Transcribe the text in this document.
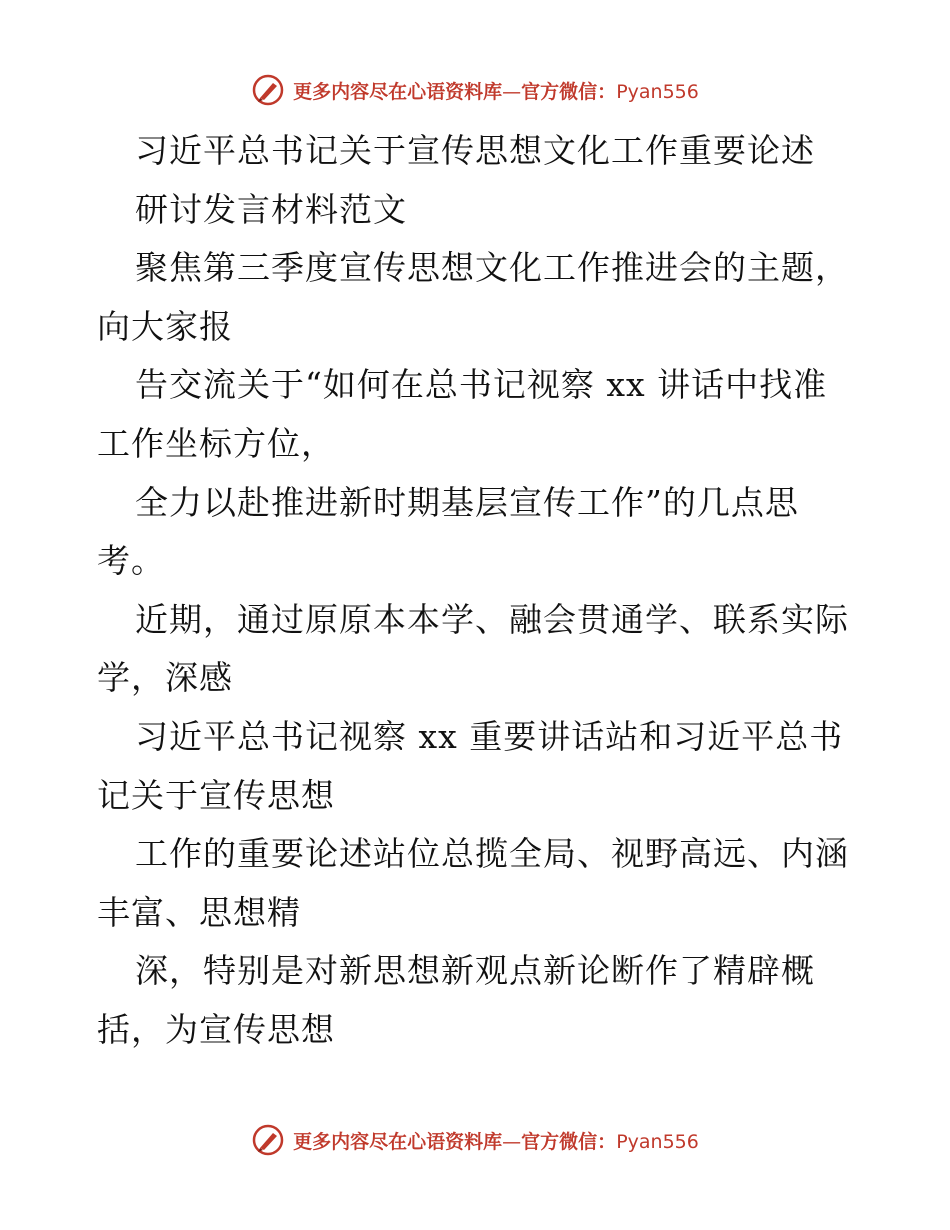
更多内容尽在心语资料库—官方微信：Pyan556
习近平总书记关于宣传思想文化工作重要论述
研讨发言材料范文
聚焦第三季度宣传思想文化工作推进会的主题，
向大家报
告交流关于“如何在总书记视察 xx 讲话中找准
工作坐标方位，
全力以赴推进新时期基层宣传工作”的几点思
考。
近期，通过原原本本学、融会贯通学、联系实际
学，深感
习近平总书记视察 xx 重要讲话站和习近平总书
记关于宣传思想
工作的重要论述站位总揽全局、视野高远、内涵
丰富、思想精
深，特别是对新思想新观点新论断作了精辟概
括，为宣传思想
更多内容尽在心语资料库—官方微信：Pyan556
